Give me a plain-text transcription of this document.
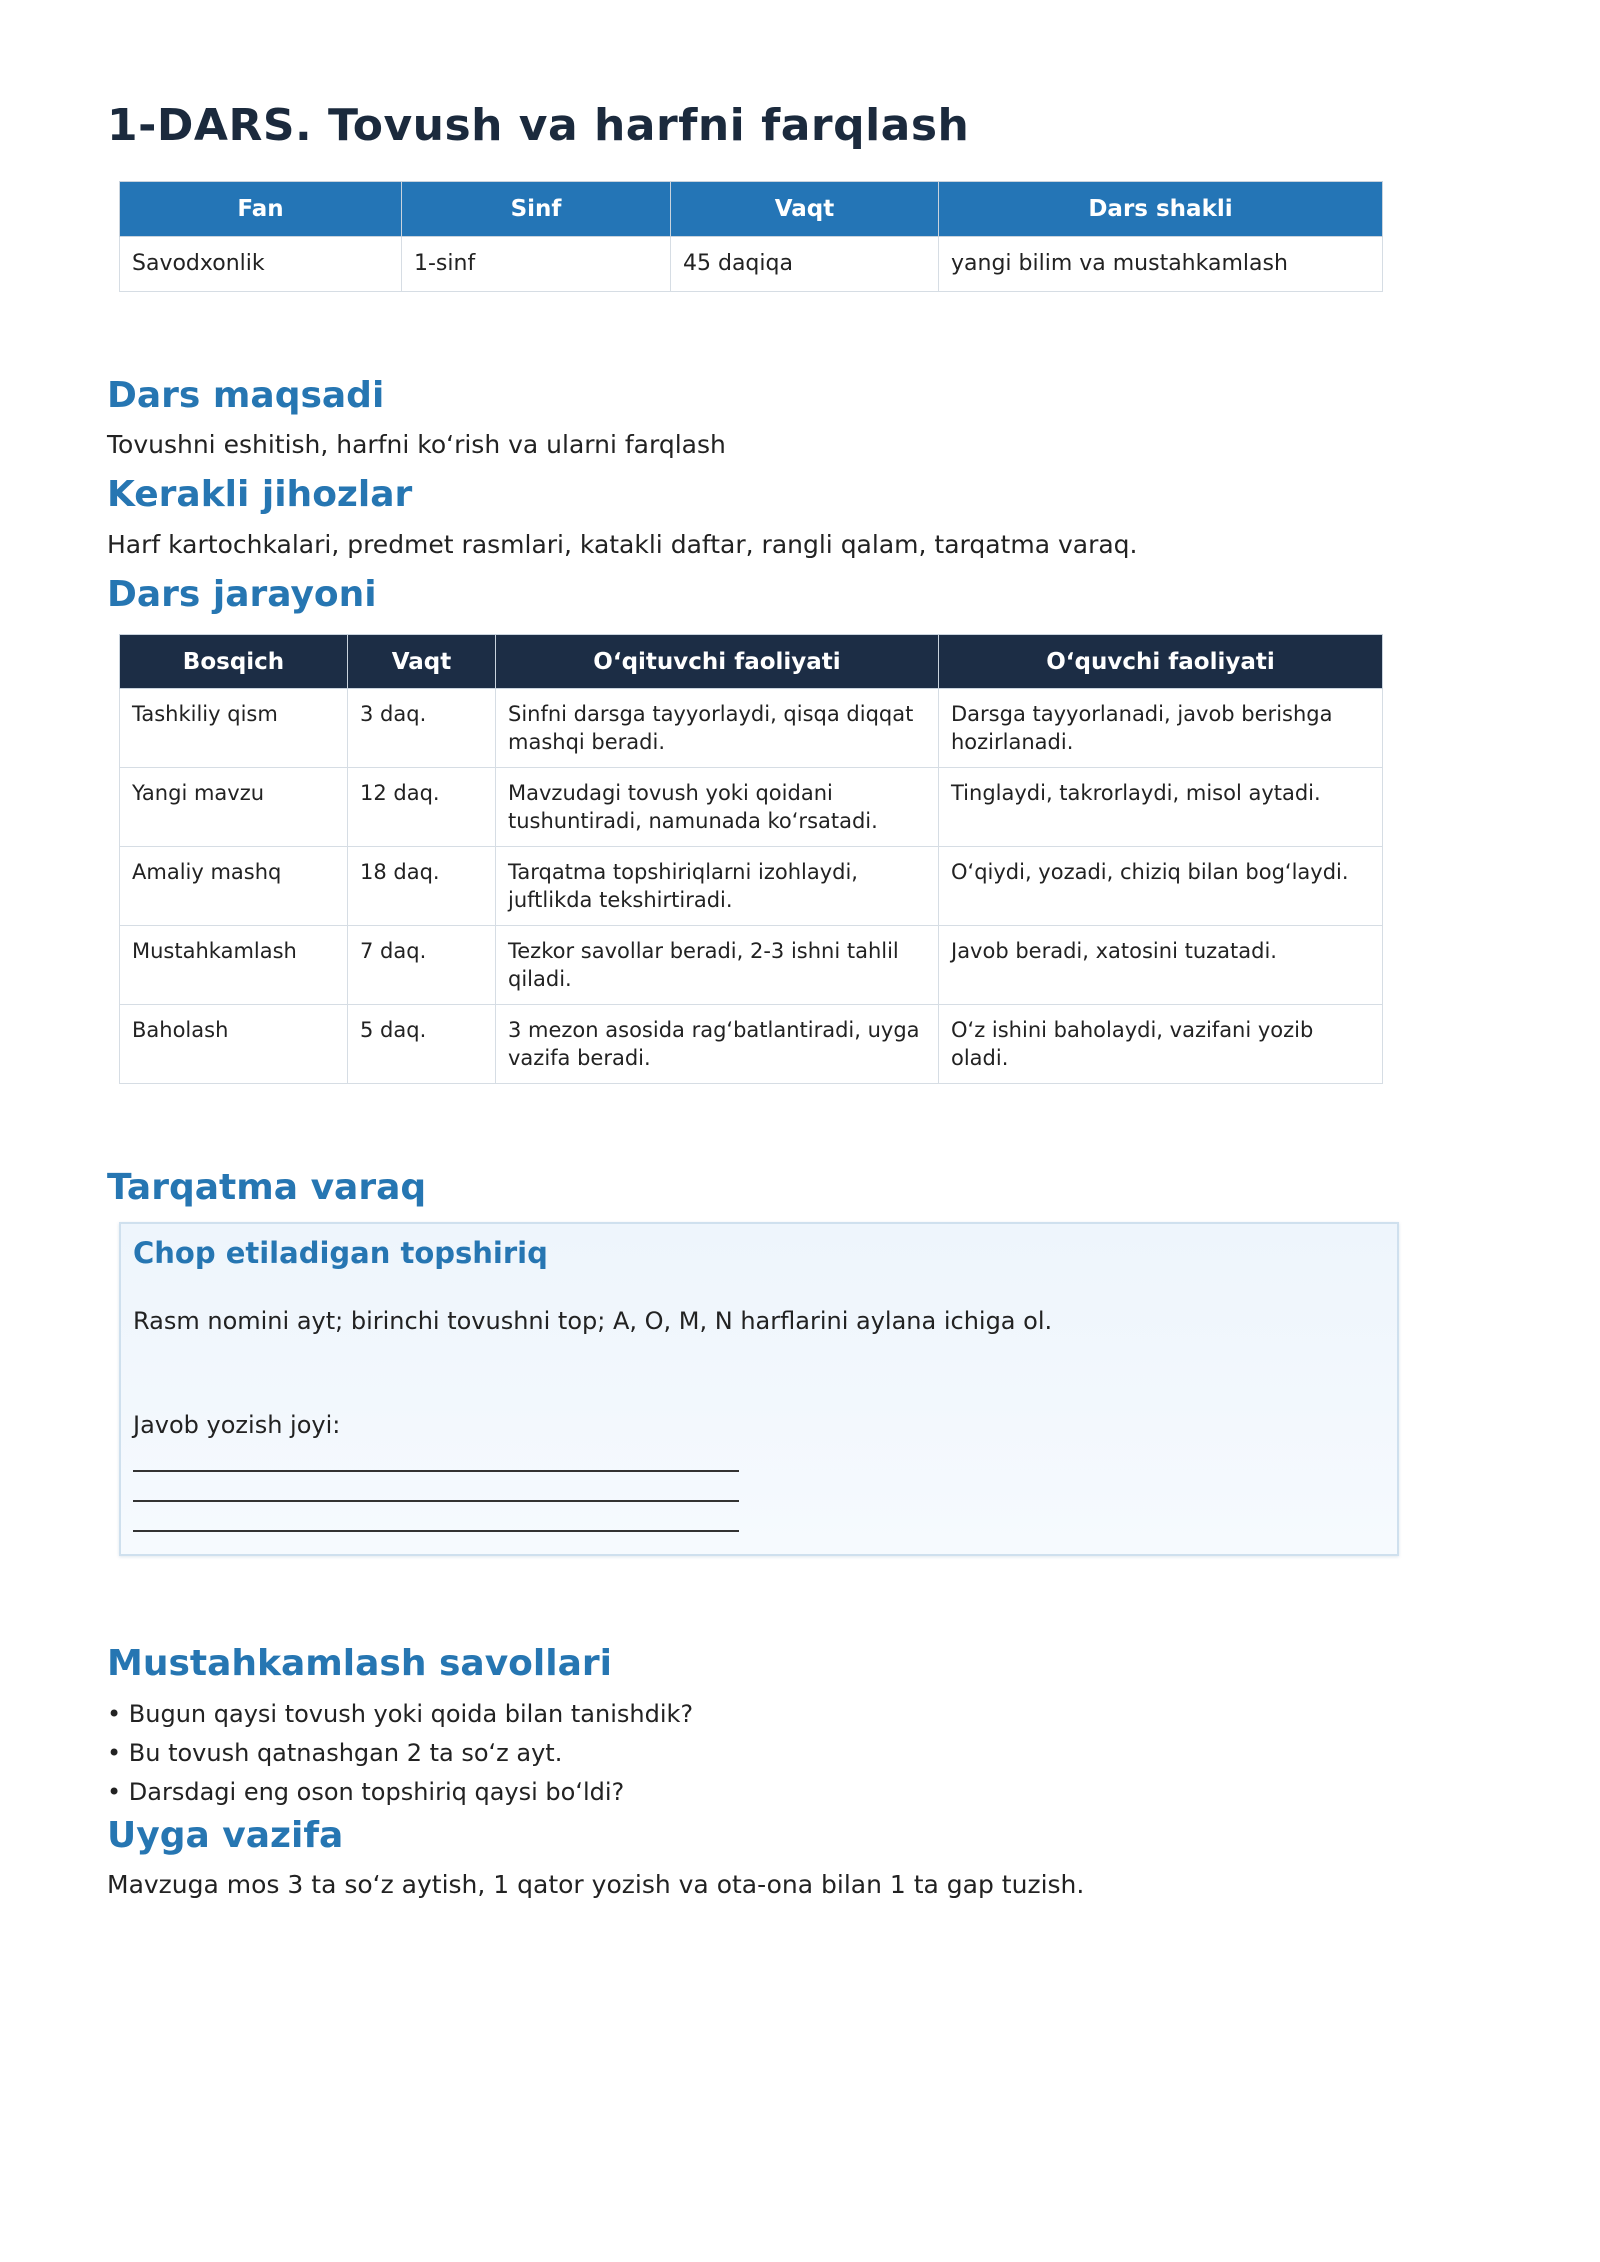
1-DARS. Tovush va harfni farqlash
Fan	Sinf	Vaqt	Dars shakli
Savodxonlik	1-sinf	45 daqiqa	yangi bilim va mustahkamlash
Dars maqsadi

Tovushni eshitish, harfni koʻrish va ularni farqlash

Kerakli jihozlar

Harf kartochkalari, predmet rasmlari, katakli daftar, rangli qalam, tarqatma varaq.

Dars jarayoni
Bosqich	Vaqt	Oʻqituvchi faoliyati	Oʻquvchi faoliyati
Tashkiliy qism	3 daq.	Sinfni darsga tayyorlaydi, qisqa diqqat mashqi beradi.	Darsga tayyorlanadi, javob berishga hozirlanadi.
Yangi mavzu	12 daq.	Mavzudagi tovush yoki qoidani tushuntiradi, namunada koʻrsatadi.	Tinglaydi, takrorlaydi, misol aytadi.
Amaliy mashq	18 daq.	Tarqatma topshiriqlarni izohlaydi, juftlikda tekshirtiradi.	Oʻqiydi, yozadi, chiziq bilan bogʻlaydi.
Mustahkamlash	7 daq.	Tezkor savollar beradi, 2-3 ishni tahlil qiladi.	Javob beradi, xatosini tuzatadi.
Baholash	5 daq.	3 mezon asosida ragʻbatlantiradi, uyga vazifa beradi.	Oʻz ishini baholaydi, vazifani yozib oladi.
Tarqatma varaq
Chop etiladigan topshiriq
Rasm nomini ayt; birinchi tovushni top; A, O, M, N harflarini aylana ichiga ol.
Javob yozish joyi:
Mustahkamlash savollari
• Bugun qaysi tovush yoki qoida bilan tanishdik?
• Bu tovush qatnashgan 2 ta soʻz ayt.
• Darsdagi eng oson topshiriq qaysi boʻldi?
Uyga vazifa

Mavzuga mos 3 ta soʻz aytish, 1 qator yozish va ota-ona bilan 1 ta gap tuzish.
